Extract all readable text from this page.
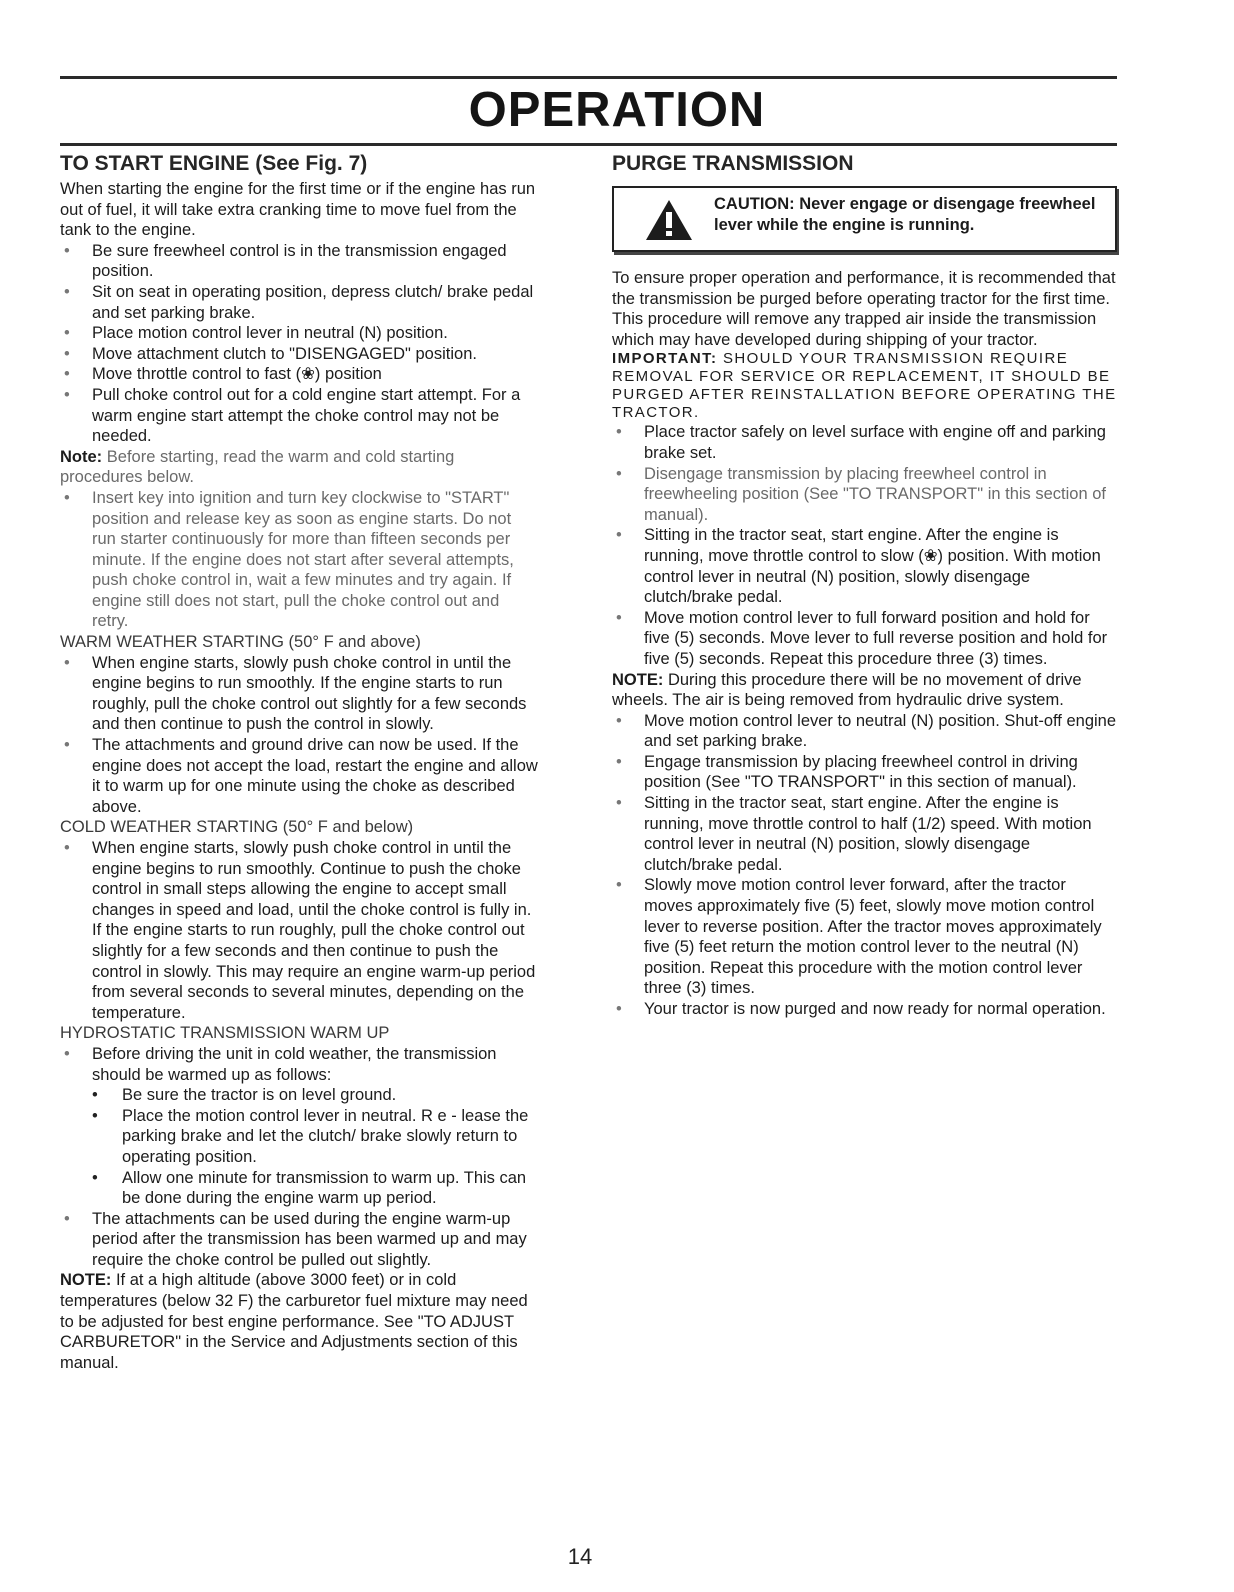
OPERATION
TO START ENGINE (See Fig. 7)

When starting the engine for the first time or if the engine has run out of fuel, it will take extra cranking time to move fuel from the tank to the engine.

• Be sure freewheel control is in the transmission engaged position.
• Sit on seat in operating position, depress clutch/ brake pedal and set parking brake.
• Place motion control lever in neutral (N) position.
• Move attachment clutch to "DISENGAGED" position.
• Move throttle control to fast (❀) position
• Pull choke control out for a cold engine start attempt. For a warm engine start attempt the choke control may not be needed.

Note: Before starting, read the warm and cold starting procedures below.

• Insert key into ignition and turn key clockwise to "START" position and release key as soon as engine starts. Do not run starter continuously for more than fifteen seconds per minute. If the engine does not start after several attempts, push choke control in, wait a few minutes and try again. If engine still does not start, pull the choke control out and retry.

WARM WEATHER STARTING (50° F and above)

• When engine starts, slowly push choke control in until the engine begins to run smoothly. If the engine starts to run roughly, pull the choke control out slightly for a few seconds and then continue to push the control in slowly.
• The attachments and ground drive can now be used. If the engine does not accept the load, restart the engine and allow it to warm up for one minute using the choke as described above.

COLD WEATHER STARTING (50° F and below)

• When engine starts, slowly push choke control in until the engine begins to run smoothly. Continue to push the choke control in small steps allowing the engine to accept small changes in speed and load, until the choke control is fully in. If the engine starts to run roughly, pull the choke control out slightly for a few seconds and then continue to push the control in slowly. This may require an engine warm-up period from several seconds to several minutes, depending on the temperature.

HYDROSTATIC TRANSMISSION WARM UP

• Before driving the unit in cold weather, the transmission should be warmed up as follows:
• Be sure the tractor is on level ground.
• Place the motion control lever in neutral. R e - lease the parking brake and let the clutch/ brake slowly return to operating position.
• Allow one minute for transmission to warm up. This can be done during the engine warm up period.
• The attachments can be used during the engine warm-up period after the transmission has been warmed up and may require the choke control be pulled out slightly.

NOTE: If at a high altitude (above 3000 feet) or in cold temperatures (below 32 F) the carburetor fuel mixture may need to be adjusted for best engine performance. See "TO ADJUST CARBURETOR" in the Service and Adjustments section of this manual.

PURGE TRANSMISSION
CAUTION: Never engage or disengage freewheel lever while the engine is running.

To ensure proper operation and performance, it is recommended that the transmission be purged before operating tractor for the first time. This procedure will remove any trapped air inside the transmission which may have developed during shipping of your tractor.

IMPORTANT: SHOULD YOUR TRANSMISSION REQUIRE REMOVAL FOR SERVICE OR REPLACEMENT, IT SHOULD BE PURGED AFTER REINSTALLATION BEFORE OPERATING THE TRACTOR.

• Place tractor safely on level surface with engine off and parking brake set.
• Disengage transmission by placing freewheel control in freewheeling position (See "TO TRANSPORT" in this section of manual).
• Sitting in the tractor seat, start engine. After the engine is running, move throttle control to slow (❀) position. With motion control lever in neutral (N) position, slowly disengage clutch/brake pedal.
• Move motion control lever to full forward position and hold for five (5) seconds. Move lever to full reverse position and hold for five (5) seconds. Repeat this procedure three (3) times.

NOTE: During this procedure there will be no movement of drive wheels. The air is being removed from hydraulic drive system.

• Move motion control lever to neutral (N) position. Shut-off engine and set parking brake.
• Engage transmission by placing freewheel control in driving position (See "TO TRANSPORT" in this section of manual).
• Sitting in the tractor seat, start engine. After the engine is running, move throttle control to half (1/2) speed. With motion control lever in neutral (N) position, slowly disengage clutch/brake pedal.
• Slowly move motion control lever forward, after the tractor moves approximately five (5) feet, slowly move motion control lever to reverse position. After the tractor moves approximately five (5) feet return the motion control lever to the neutral (N) position. Repeat this procedure with the motion control lever three (3) times.
• Your tractor is now purged and now ready for normal operation.
14
